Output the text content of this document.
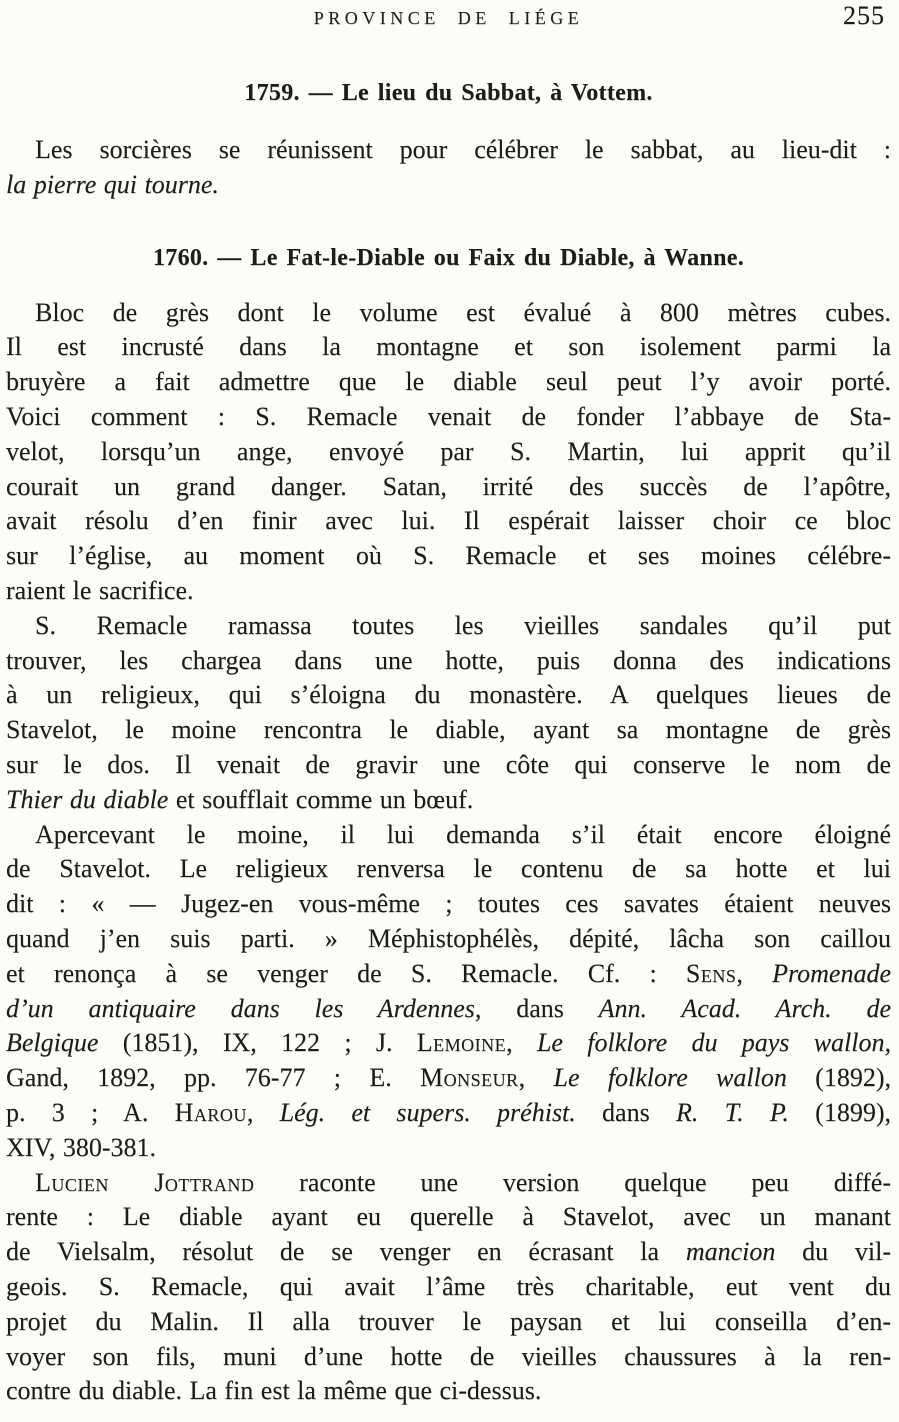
PROVINCE DE LIÉGE	255
1759. — Le lieu du Sabbat, à Vottem.
Les sorcières se réunissent pour célébrer le sabbat, au lieu-dit :
la pierre qui tourne.
1760. — Le Fat-le-Diable ou Faix du Diable, à Wanne.
Bloc de grès dont le volume est évalué à 800 mètres cubes.
Il est incrusté dans la montagne et son isolement parmi la
bruyère a fait admettre que le diable seul peut l’y avoir porté.
Voici comment : S. Remacle venait de fonder l’abbaye de Sta-
velot, lorsqu’un ange, envoyé par S. Martin, lui apprit qu’il
courait un grand danger. Satan, irrité des succès de l’apôtre,
avait résolu d’en finir avec lui. Il espérait laisser choir ce bloc
sur l’église, au moment où S. Remacle et ses moines célébre-
raient le sacrifice.
S. Remacle ramassa toutes les vieilles sandales qu’il put
trouver, les chargea dans une hotte, puis donna des indications
à un religieux, qui s’éloigna du monastère. A quelques lieues de
Stavelot, le moine rencontra le diable, ayant sa montagne de grès
sur le dos. Il venait de gravir une côte qui conserve le nom de
Thier du diable et soufflait comme un bœuf.
Apercevant le moine, il lui demanda s’il était encore éloigné
de Stavelot. Le religieux renversa le contenu de sa hotte et lui
dit : « — Jugez-en vous-même ; toutes ces savates étaient neuves
quand j’en suis parti. » Méphistophélès, dépité, lâcha son caillou
et renonça à se venger de S. Remacle. Cf. : Sens, Promenade
d’un antiquaire dans les Ardennes, dans Ann. Acad. Arch. de
Belgique (1851), IX, 122 ; J. Lemoine, Le folklore du pays wallon,
Gand, 1892, pp. 76-77 ; E. Monseur, Le folklore wallon (1892),
p. 3 ; A. Harou, Lég. et supers. préhist. dans R. T. P. (1899),
XIV, 380-381.
Lucien Jottrand raconte une version quelque peu diffé-
rente : Le diable ayant eu querelle à Stavelot, avec un manant
de Vielsalm, résolut de se venger en écrasant la mancion du vil-
geois. S. Remacle, qui avait l’âme très charitable, eut vent du
projet du Malin. Il alla trouver le paysan et lui conseilla d’en-
voyer son fils, muni d’une hotte de vieilles chaussures à la ren-
contre du diable. La fin est la même que ci-dessus.
